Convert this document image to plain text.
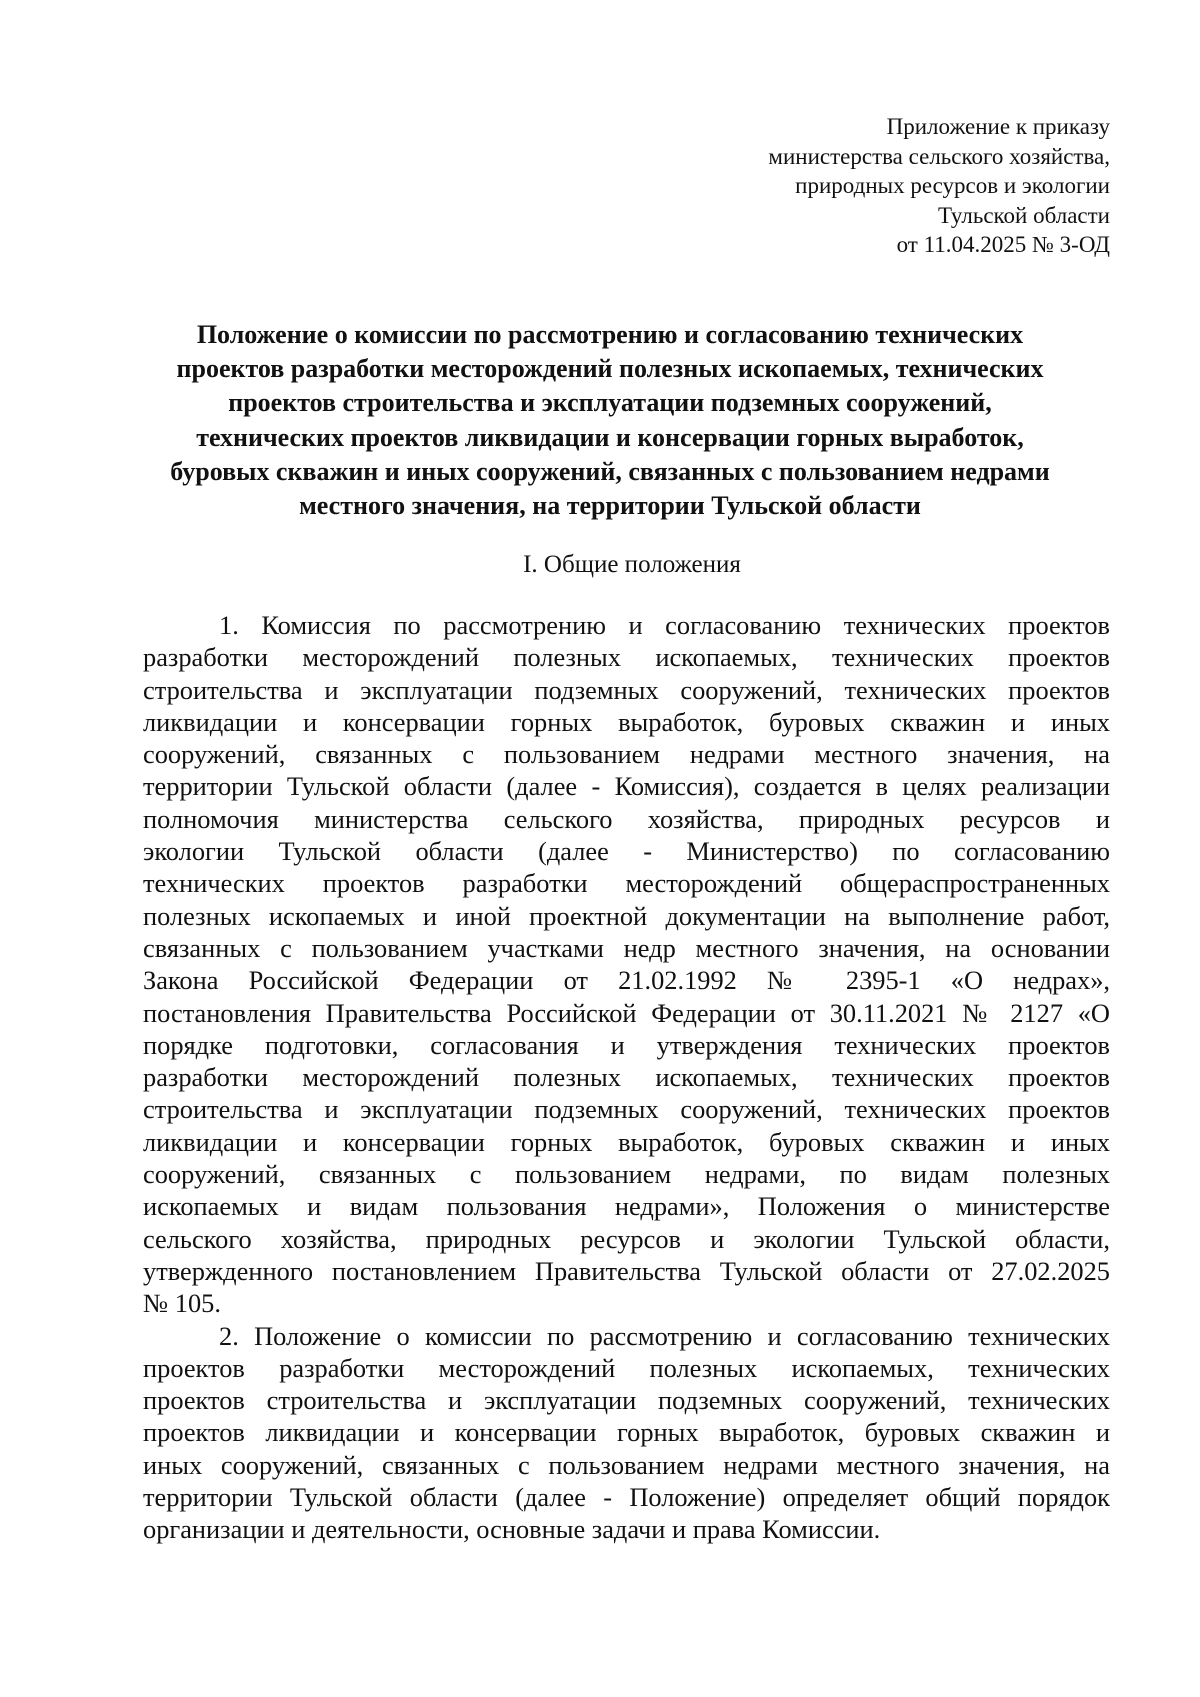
Приложение к приказу
министерства сельского хозяйства,
природных ресурсов и экологии
Тульской области
от 11.04.2025 № 3-ОД
Положение о комиссии по рассмотрению и согласованию технических
проектов разработки месторождений полезных ископаемых, технических
проектов строительства и эксплуатации подземных сооружений,
технических проектов ликвидации и консервации горных выработок,
буровых скважин и иных сооружений, связанных с пользованием недрами
местного значения, на территории Тульской области
I. Общие положения
1. Комиссия по рассмотрению и согласованию технических проектов
разработки месторождений полезных ископаемых, технических проектов
строительства и эксплуатации подземных сооружений, технических проектов
ликвидации и консервации горных выработок, буровых скважин и иных
сооружений, связанных с пользованием недрами местного значения, на
территории Тульской области (далее - Комиссия), создается в целях реализации
полномочия министерства сельского хозяйства, природных ресурсов и
экологии Тульской области (далее - Министерство) по согласованию
технических проектов разработки месторождений общераспространенных
полезных ископаемых и иной проектной документации на выполнение работ,
связанных с пользованием участками недр местного значения, на основании
Закона Российской Федерации от 21.02.1992 № 2395-1 «О недрах»,
постановления Правительства Российской Федерации от 30.11.2021 № 2127 «О
порядке подготовки, согласования и утверждения технических проектов
разработки месторождений полезных ископаемых, технических проектов
строительства и эксплуатации подземных сооружений, технических проектов
ликвидации и консервации горных выработок, буровых скважин и иных
сооружений, связанных с пользованием недрами, по видам полезных
ископаемых и видам пользования недрами», Положения о министерстве
сельского хозяйства, природных ресурсов и экологии Тульской области,
утвержденного постановлением Правительства Тульской области от 27.02.2025
№ 105.
2. Положение о комиссии по рассмотрению и согласованию технических
проектов разработки месторождений полезных ископаемых, технических
проектов строительства и эксплуатации подземных сооружений, технических
проектов ликвидации и консервации горных выработок, буровых скважин и
иных сооружений, связанных с пользованием недрами местного значения, на
территории Тульской области (далее - Положение) определяет общий порядок
организации и деятельности, основные задачи и права Комиссии.
